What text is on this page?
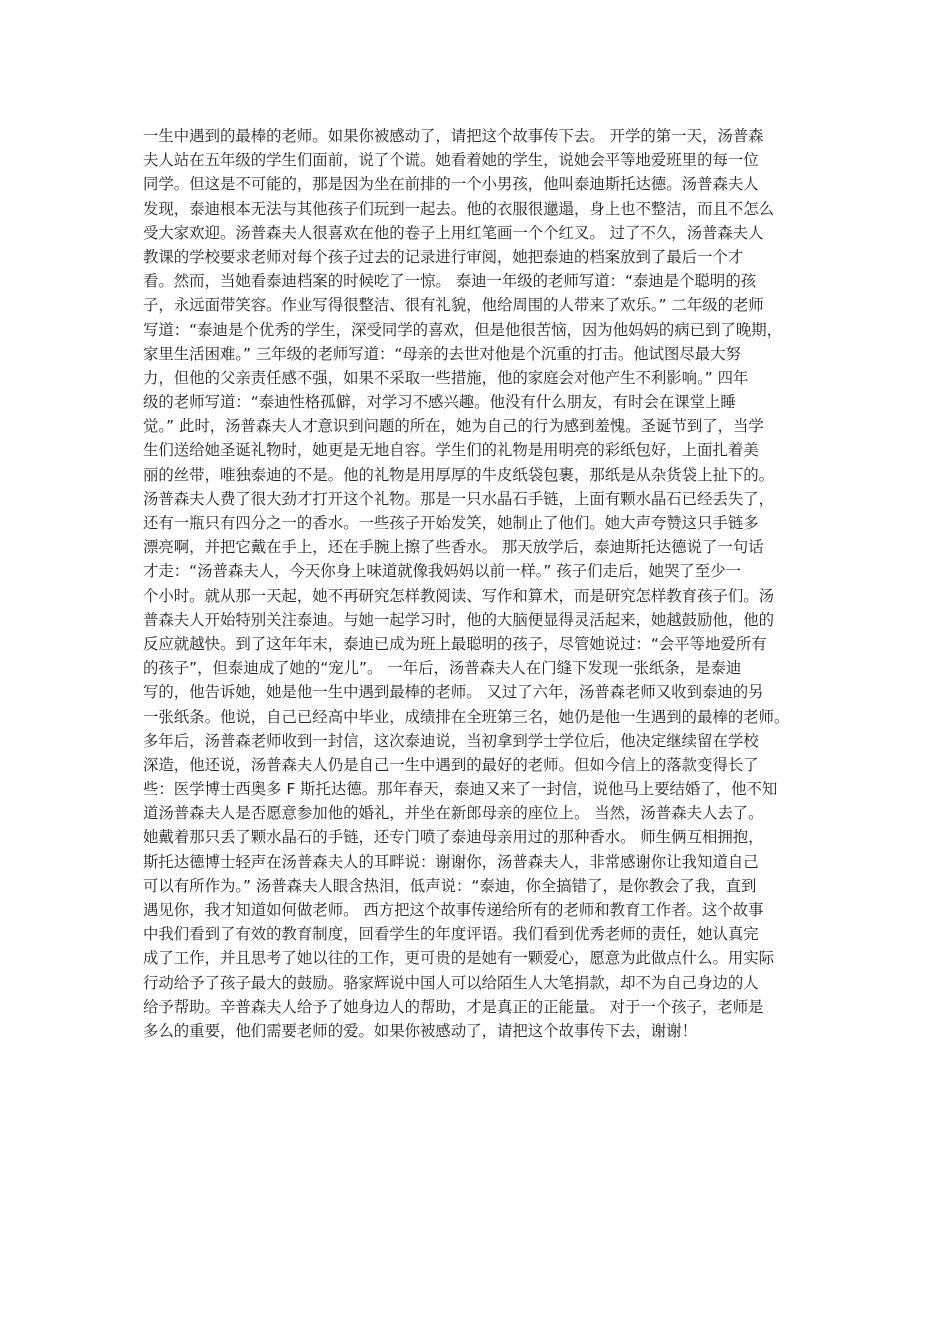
一生中遇到的最棒的老师。如果你被感动了，请把这个故事传下去。 开学的第一天，汤普森
夫人站在五年级的学生们面前，说了个谎。她看着她的学生，说她会平等地爱班里的每一位
同学。但这是不可能的，那是因为坐在前排的一个小男孩，他叫泰迪斯托达德。汤普森夫人
发现，泰迪根本无法与其他孩子们玩到一起去。他的衣服很邋遢，身上也不整洁，而且不怎么
受大家欢迎。汤普森夫人很喜欢在他的卷子上用红笔画一个个红叉。 过了不久，汤普森夫人
教课的学校要求老师对每个孩子过去的记录进行审阅，她把泰迪的档案放到了最后一个才
看。然而，当她看泰迪档案的时候吃了一惊。 泰迪一年级的老师写道：“泰迪是个聪明的孩
子，永远面带笑容。作业写得很整洁、很有礼貌，他给周围的人带来了欢乐。” 二年级的老师
写道：“泰迪是个优秀的学生，深受同学的喜欢，但是他很苦恼，因为他妈妈的病已到了晚期，
家里生活困难。” 三年级的老师写道：“母亲的去世对他是个沉重的打击。他试图尽最大努
力，但他的父亲责任感不强，如果不采取一些措施，他的家庭会对他产生不利影响。” 四年
级的老师写道：“泰迪性格孤僻，对学习不感兴趣。他没有什么朋友，有时会在课堂上睡
觉。” 此时，汤普森夫人才意识到问题的所在，她为自己的行为感到羞愧。圣诞节到了，当学
生们送给她圣诞礼物时，她更是无地自容。学生们的礼物是用明亮的彩纸包好，上面扎着美
丽的丝带，唯独泰迪的不是。他的礼物是用厚厚的牛皮纸袋包裹，那纸是从杂货袋上扯下的。
汤普森夫人费了很大劲才打开这个礼物。那是一只水晶石手链，上面有颗水晶石已经丢失了，
还有一瓶只有四分之一的香水。一些孩子开始发笑，她制止了他们。她大声夸赞这只手链多
漂亮啊，并把它戴在手上，还在手腕上擦了些香水。 那天放学后，泰迪斯托达德说了一句话
才走：“汤普森夫人，今天你身上味道就像我妈妈以前一样。” 孩子们走后，她哭了至少一
个小时。就从那一天起，她不再研究怎样教阅读、写作和算术，而是研究怎样教育孩子们。汤
普森夫人开始特别关注泰迪。与她一起学习时，他的大脑便显得灵活起来，她越鼓励他，他的
反应就越快。到了这年年末，泰迪已成为班上最聪明的孩子，尽管她说过：“会平等地爱所有
的孩子”，但泰迪成了她的“宠儿”。 一年后，汤普森夫人在门缝下发现一张纸条，是泰迪
写的，他告诉她，她是他一生中遇到最棒的老师。 又过了六年，汤普森老师又收到泰迪的另
一张纸条。他说，自己已经高中毕业，成绩排在全班第三名，她仍是他一生遇到的最棒的老师。
多年后，汤普森老师收到一封信，这次泰迪说，当初拿到学士学位后，他决定继续留在学校
深造，他还说，汤普森夫人仍是自己一生中遇到的最好的老师。但如今信上的落款变得长了
些：医学博士西奥多 F 斯托达德。那年春天，泰迪又来了一封信，说他马上要结婚了，他不知
道汤普森夫人是否愿意参加他的婚礼，并坐在新郎母亲的座位上。 当然，汤普森夫人去了。
她戴着那只丢了颗水晶石的手链，还专门喷了泰迪母亲用过的那种香水。 师生俩互相拥抱，
斯托达德博士轻声在汤普森夫人的耳畔说：谢谢你，汤普森夫人，非常感谢你让我知道自己
可以有所作为。” 汤普森夫人眼含热泪，低声说：“泰迪，你全搞错了，是你教会了我，直到
遇见你，我才知道如何做老师。 西方把这个故事传递给所有的老师和教育工作者。这个故事
中我们看到了有效的教育制度，回看学生的年度评语。我们看到优秀老师的责任，她认真完
成了工作，并且思考了她以往的工作，更可贵的是她有一颗爱心，愿意为此做点什么。用实际
行动给予了孩子最大的鼓励。骆家辉说中国人可以给陌生人大笔捐款，却不为自己身边的人
给予帮助。辛普森夫人给予了她身边人的帮助，才是真正的正能量。 对于一个孩子，老师是
多么的重要，他们需要老师的爱。如果你被感动了，请把这个故事传下去，谢谢！
